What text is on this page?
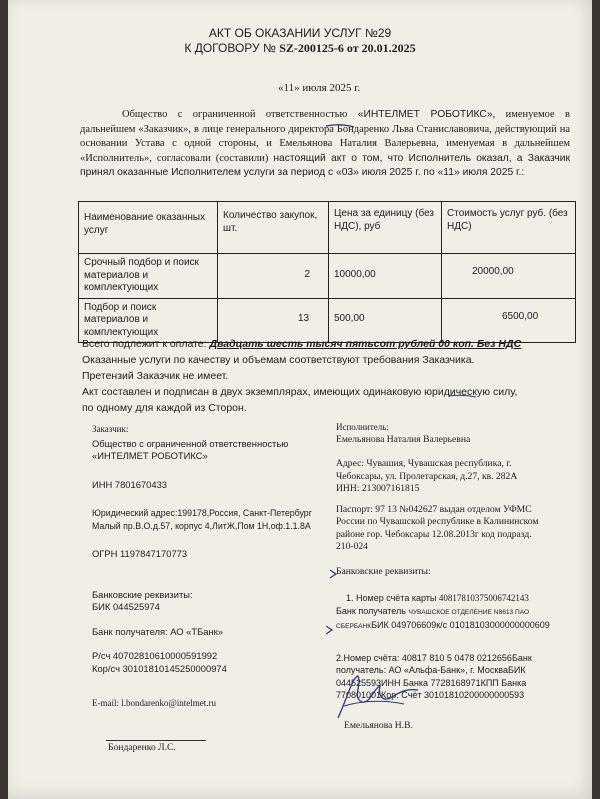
АКТ ОБ ОКАЗАНИИ УСЛУГ №29
К ДОГОВОРУ № SZ-200125-6 от 20.01.2025
«11» июля 2025 г.
Общество с ограниченной ответственностью «ИНТЕЛМЕТ РОБОТИКС», именуемое в дальнейшем «Заказчик», в лице генерального директора Бондаренко Льва Станиславовича, действующий на основании Устава с одной стороны, и Емельянова Наталия Валерьевна, именуемая в дальнейшем «Исполнитель», согласовали (составили) настоящий акт о том, что Исполнитель оказал, а Заказчик принял оказанные Исполнителем услуги за период с «03» июля 2025 г. по «11» июля 2025 г.:
Наименование оказанных услуг	Количество закупок, шт.	Цена за единицу (без НДС), руб	Стоимость услуг руб. (без НДС)
Срочный подбор и поиск материалов и комплектующих	2	10000,00	20000,00
Подбор и поиск материалов и комплектующих	13	500,00	6500,00
Всего подлежит к оплате: Двадцать шесть тысяч пятьсот рублей 00 коп. Без НДС
Оказанные услуги по качеству и объемам соответствуют требования Заказчика.
Претензий Заказчик не имеет.
Акт составлен и подписан в двух экземплярах, имеющих одинаковую юридическую силу,
по одному для каждой из Сторон.
Заказчик:
Общество с ограниченной ответственностью
«ИНТЕЛМЕТ РОБОТИКС»
ИНН 7801670433
Юридический адрес:199178,Россия, Санкт-Петербург
Малый пр.В.О.д.57, корпус 4,ЛитЖ,Пом 1Н,оф.1.1.8А
ОГРН 1197847170773
Банковские реквизиты:
БИК 044525974
Банк получателя: АО «ТБанк»
Р/сч 40702810610000591992
Кор/сч 30101810145250000974
E-mail: l.bondarenko@intelmet.ru
Бондаренко Л.С.
Исполнитель:
Емельянова Наталия Валерьевна
Адрес: Чувашия, Чувашская республика, г.
Чебоксары, ул. Пролетарская, д.27, кв. 282А
ИНН: 213007161815
Паспорт: 97 13 №042627 выдан отделом УФМС
России по Чувашской республике в Калининском
районе гор. Чебоксары 12.08.2013г код подразд.
210-024
Банковские реквизиты:
1. Номер счёта карты 40817810375006742143
Банк получатель ЧУВАШСКОЕ ОТДЕЛЕНИЕ N8613 ПАО
СБЕРБАНКБИК 049706609к/с 01018103000000000609
2.Номер счёта: 40817 810 5 0478 0212656Банк
получатель: АО «Альфа-Банк», г. МоскваБИК
044525593ИНН Банка 7728168971КПП Банка
770801001Кор. Счёт 30101810200000000593
Емельянова Н.В.
